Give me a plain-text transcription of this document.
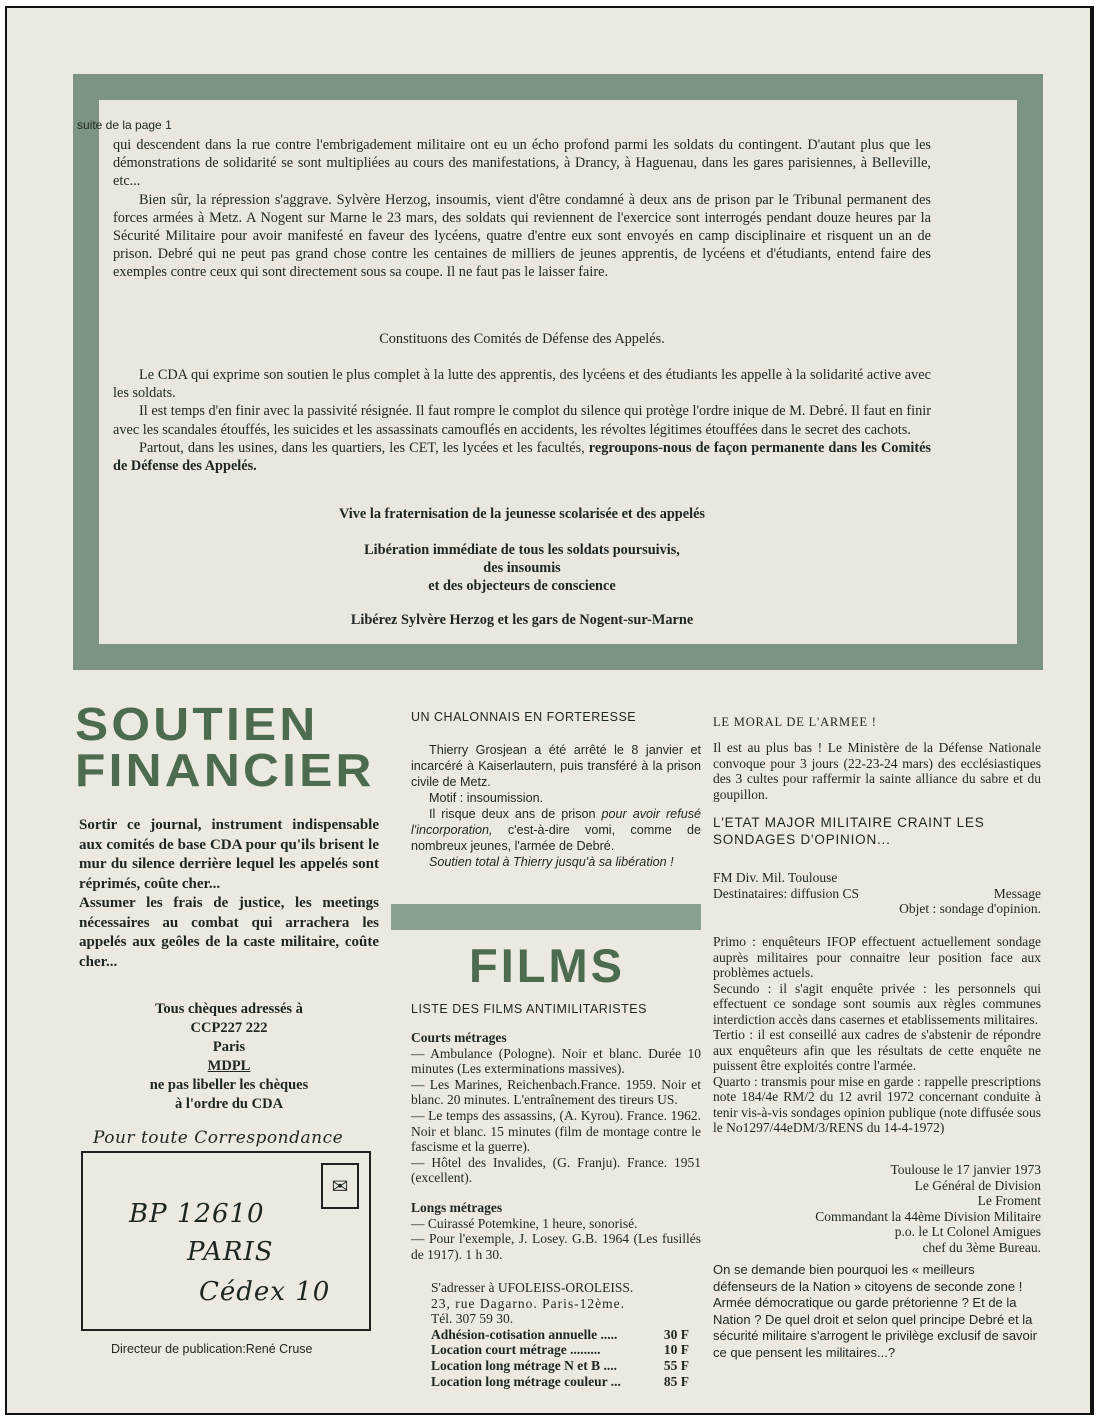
suite de la page 1

qui descendent dans la rue contre l'embrigadement militaire ont eu un écho profond parmi les soldats du contingent. D'autant plus que les démonstrations de solidarité se sont multipliées au cours des manifestations, à Drancy, à Haguenau, dans les gares parisiennes, à Belleville, etc...

Bien sûr, la répression s'aggrave. Sylvère Herzog, insoumis, vient d'être condamné à deux ans de prison par le Tribunal permanent des forces armées à Metz. A Nogent sur Marne le 23 mars, des soldats qui reviennent de l'exercice sont interrogés pendant douze heures par la Sécurité Militaire pour avoir manifesté en faveur des lycéens, quatre d'entre eux sont envoyés en camp disciplinaire et risquent un an de prison. Debré qui ne peut pas grand chose contre les centaines de milliers de jeunes apprentis, de lycéens et d'étudiants, entend faire des exemples contre ceux qui sont directement sous sa coupe. Il ne faut pas le laisser faire.

Constituons des Comités de Défense des Appelés.

Le CDA qui exprime son soutien le plus complet à la lutte des apprentis, des lycéens et des étudiants les appelle à la solidarité active avec les soldats.

Il est temps d'en finir avec la passivité résignée. Il faut rompre le complot du silence qui protège l'ordre inique de M. Debré. Il faut en finir avec les scandales étouffés, les suicides et les assassinats camouflés en accidents, les révoltes légitimes étouffées dans le secret des cachots.

Partout, dans les usines, dans les quartiers, les CET, les lycées et les facultés, regroupons-nous de façon permanente dans les Comités de Défense des Appelés.

Vive la fraternisation de la jeunesse scolarisée et des appelés
Libération immédiate de tous les soldats poursuivis,
des insoumis
et des objecteurs de conscience
Libérez Sylvère Herzog et les gars de Nogent-sur-Marne
SOUTIEN
FINANCIER

Sortir ce journal, instrument indispensable aux comités de base CDA pour qu'ils brisent le mur du silence derrière lequel les appelés sont réprimés, coûte cher...

Assumer les frais de justice, les meetings nécessaires au combat qui arrachera les appelés aux geôles de la caste militaire, coûte cher...

Tous chèques adressés à
CCP227 222
Paris
MDPL
ne pas libeller les chèques
à l'ordre du CDA
Pour toute Correspondance
✉
BP 12610
PARIS
Cédex 10
Directeur de publication:René Cruse
UN CHALONNAIS EN FORTERESSE

Thierry Grosjean a été arrêté le 8 janvier et incarcéré à Kaiserlautern, puis transféré à la prison civile de Metz.

Motif : insoumission.

Il risque deux ans de prison pour avoir refusé l'incorporation, c'est-à-dire vomi, comme de nombreux jeunes, l'armée de Debré.

Soutien total à Thierry jusqu'à sa libération !

FILMS
LISTE DES FILMS ANTIMILITARISTES

Courts métrages

— Ambulance (Pologne). Noir et blanc. Durée 10 minutes (Les exterminations massives).

— Les Marines, Reichenbach.France. 1959. Noir et blanc. 20 minutes. L'entraînement des tireurs US.

— Le temps des assassins, (A. Kyrou). France. 1962. Noir et blanc. 15 minutes (film de montage contre le fascisme et la guerre).

— Hôtel des Invalides, (G. Franju). France. 1951 (excellent).

Longs métrages

— Cuirassé Potemkine, 1 heure, sonorisé.

— Pour l'exemple, J. Losey. G.B. 1964 (Les fusillés de 1917). 1 h 30.

S'adresser à UFOLEISS-OROLEISS.

23, rue Dagarno. Paris-12ème.

Tél. 307 59 30.

Adhésion-cotisation annuelle .....	30 F
Location court métrage .........	10 F
Location long métrage N et B ....	55 F
Location long métrage couleur ...	85 F
LE MORAL DE L'ARMEE !

Il est au plus bas ! Le Ministère de la Défense Nationale convoque pour 3 jours (22-23-24 mars) des ecclésiastiques des 3 cultes pour raffermir la sainte alliance du sabre et du goupillon.

L'ETAT MAJOR MILITAIRE CRAINT LES SONDAGES D'OPINION...

FM Div. Mil. Toulouse

Destinataires: diffusion CS	Message

Objet : sondage d'opinion.

Primo : enquêteurs IFOP effectuent actuellement sondage auprès militaires pour connaitre leur position face aux problèmes actuels.

Secundo : il s'agit enquête privée : les personnels qui effectuent ce sondage sont soumis aux règles communes interdiction accès dans casernes et etablissements militaires.

Tertio : il est conseillé aux cadres de s'abstenir de répondre aux enquêteurs afin que les résultats de cette enquête ne puissent être exploités contre l'armée.

Quarto : transmis pour mise en garde : rappelle prescriptions note 184/4e RM/2 du 12 avril 1972 concernant conduite à tenir vis-à-vis sondages opinion publique (note diffusée sous le No1297/44eDM/3/RENS du 14-4-1972)

Toulouse le 17 janvier 1973

Le Général de Division

Le Froment

Commandant la 44ème Division Militaire

p.o. le Lt Colonel Amigues

chef du 3ème Bureau.

On se demande bien pourquoi les « meilleurs défenseurs de la Nation » citoyens de seconde zone !

Armée démocratique ou garde prétorienne ? Et de la Nation ? De quel droit et selon quel principe Debré et la sécurité militaire s'arrogent le privilège exclusif de savoir ce que pensent les militaires...?
